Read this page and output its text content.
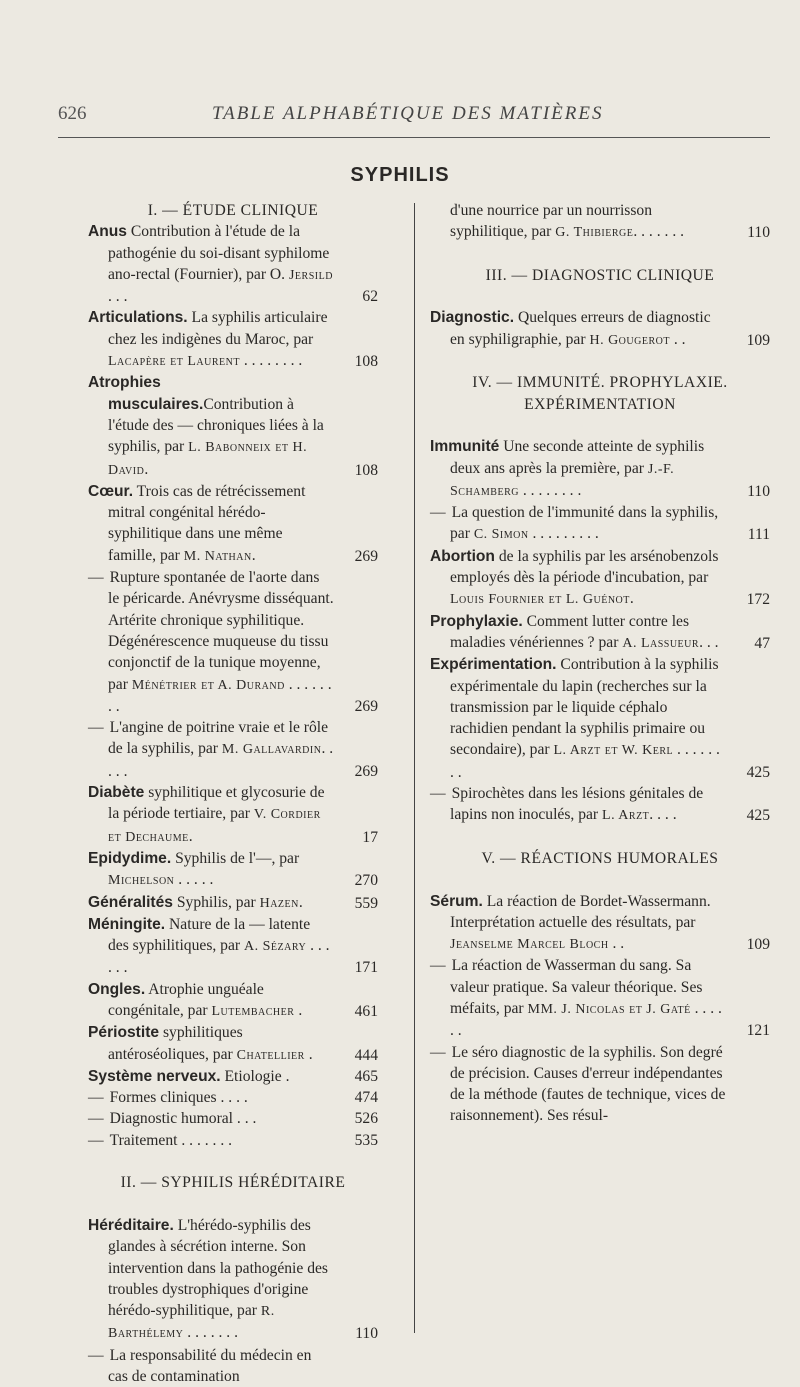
626	TABLE ALPHABÉTIQUE DES MATIÈRES
SYPHILIS
I. — ÉTUDE CLINIQUE
Anus Contribution à l'étude de la pathogénie du soi-disant syphilome ano-rectal (Fournier), par O. Jersild . . .	62
Articulations. La syphilis articulaire chez les indigènes du Maroc, par Lacapère et Laurent . . . . . . . .	108
Atrophies musculaires.Contribution à l'étude des — chroniques liées à la syphilis, par L. Babonneix et H. David.	108
Cœur. Trois cas de rétrécissement mitral congénital hérédo-syphilitique dans une même famille, par M. Nathan.	269
— Rupture spontanée de l'aorte dans le péricarde. Anévrysme disséquant. Artérite chronique syphilitique. Dégénérescence muqueuse du tissu conjonctif de la tunique moyenne, par Ménétrier et A. Durand . . . . . . . .	269
— L'angine de poitrine vraie et le rôle de la syphilis, par M. Gallavardin. . . . .	269
Diabète syphilitique et glycosurie de la période tertiaire, par V. Cordier et Dechaume.	17
Epidydime. Syphilis de l'—, par Michelson . . . . .	270
Généralités Syphilis, par Hazen.	559
Méningite. Nature de la — latente des syphilitiques, par A. Sézary . . . . . .	171
Ongles. Atrophie unguéale congénitale, par Lutembacher .	461
Périostite syphilitiques antéroséoliques, par Chatellier .	444
Système nerveux. Etiologie .	465
— Formes cliniques . . . .	474
— Diagnostic humoral . . .	526
— Traitement . . . . . . .	535
II. — SYPHILIS HÉRÉDITAIRE
Héréditaire. L'hérédo-syphilis des glandes à sécrétion interne. Son intervention dans la pathogénie des troubles dystrophiques d'origine hérédo-syphilitique, par R. Barthélemy . . . . . . .	110
— La responsabilité du médecin en cas de contamination
d'une nourrice par un nourrisson syphilitique, par G. Thibierge. . . . . . .	110
III. — DIAGNOSTIC CLINIQUE
Diagnostic. Quelques erreurs de diagnostic en syphiligraphie, par H. Gougerot . .	109
IV. — IMMUNITÉ. PROPHYLAXIE. EXPÉRIMENTATION
Immunité Une seconde atteinte de syphilis deux ans après la première, par J.-F. Schamberg . . . . . . . .	110
— La question de l'immunité dans la syphilis, par C. Simon . . . . . . . . .	111
Abortion de la syphilis par les arsénobenzols employés dès la période d'incubation, par Louis Fournier et L. Guénot.	172
Prophylaxie. Comment lutter contre les maladies vénériennes ? par A. Lassueur. . .	47
Expérimentation. Contribution à la syphilis expérimentale du lapin (recherches sur la transmission par le liquide céphalo rachidien pendant la syphilis primaire ou secondaire), par L. Arzt et W. Kerl . . . . . . . .	425
— Spirochètes dans les lésions génitales de lapins non inoculés, par L. Arzt. . . .	425
V. — RÉACTIONS HUMORALES
Sérum. La réaction de Bordet-Wassermann. Interprétation actuelle des résultats, par Jeanselme Marcel Bloch . .	109
— La réaction de Wasserman du sang. Sa valeur pratique. Sa valeur théorique. Ses méfaits, par MM. J. Nicolas et J. Gaté . . . . . .	121
— Le séro diagnostic de la syphilis. Son degré de précision. Causes d'erreur indépendantes de la méthode (fautes de technique, vices de raisonnement). Ses résul-
